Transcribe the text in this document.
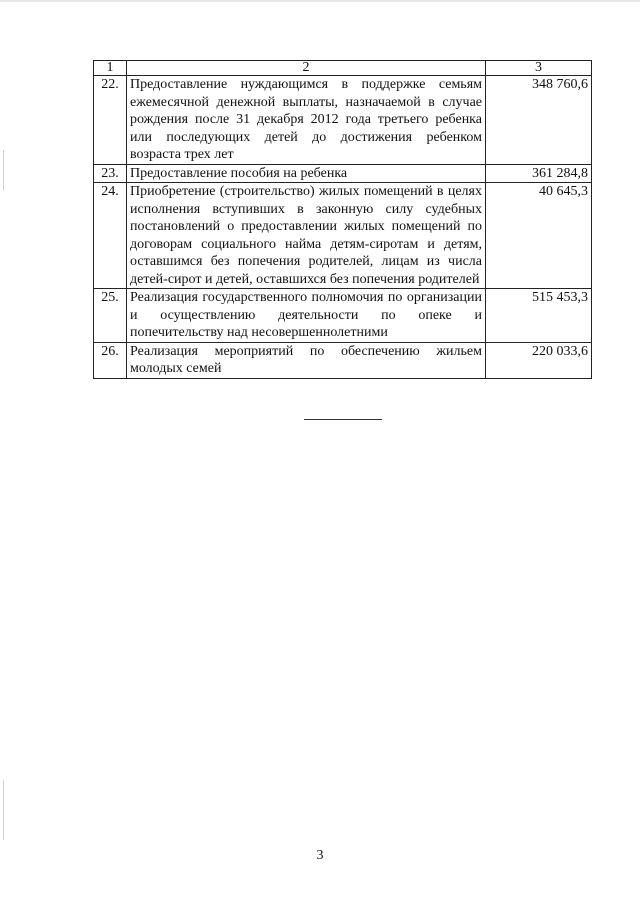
1	2	3
22.	Предоставление нуждающимся в поддержке семьям ежемесячной денежной выплаты, назначаемой в случае рождения после 31 декабря 2012 года третьего ребенка или последующих детей до достижения ребенком возраста трех лет	348 760,6
23.	Предоставление пособия на ребенка	361 284,8
24.	Приобретение (строительство) жилых помещений в целях исполнения вступивших в законную силу судебных постановлений о предоставлении жилых помещений по договорам социального найма детям-сиротам и детям, оставшимся без попечения родителей, лицам из числа детей-сирот и детей, оставшихся без попечения родителей	40 645,3
25.	Реализация государственного полномочия по организации и осуществлению деятельности по опеке и попечительству над несовершеннолетними	515 453,3
26.	Реализация мероприятий по обеспечению жильем молодых семей	220 033,6
3
